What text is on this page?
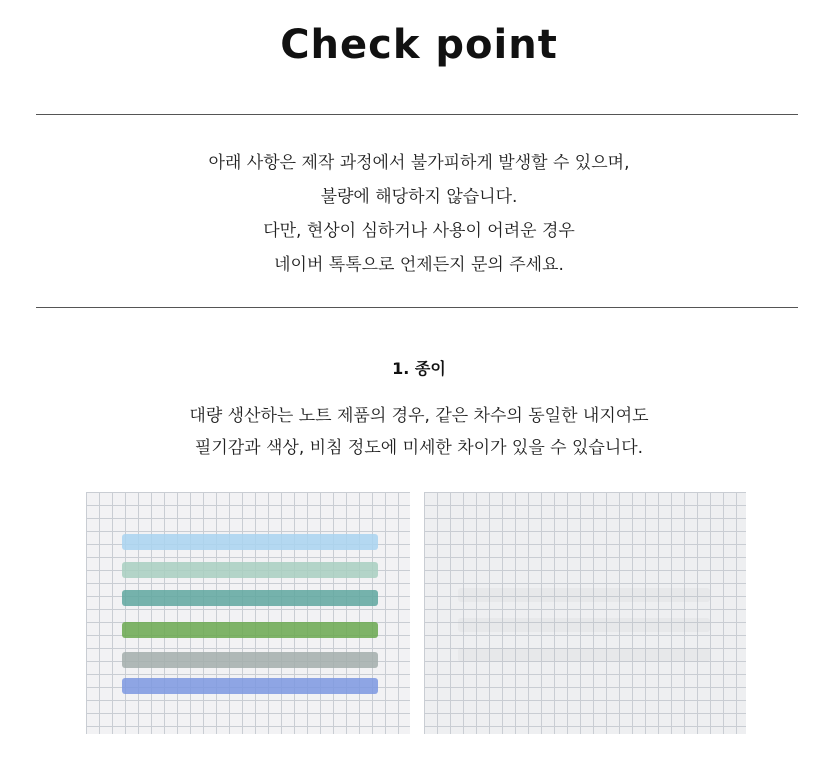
Check point
아래 사항은 제작 과정에서 불가피하게 발생할 수 있으며,
불량에 해당하지 않습니다.
다만, 현상이 심하거나 사용이 어려운 경우
네이버 톡톡으로 언제든지 문의 주세요.
1. 종이
대량 생산하는 노트 제품의 경우, 같은 차수의 동일한 내지여도
필기감과 색상, 비침 정도에 미세한 차이가 있을 수 있습니다.
